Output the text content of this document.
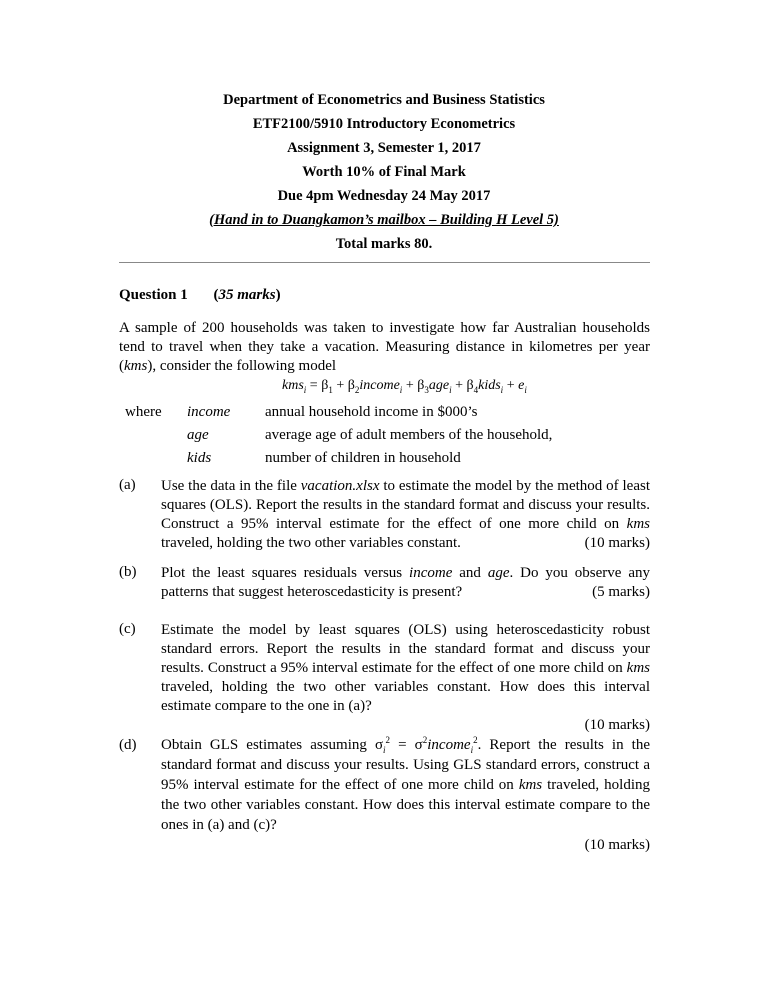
Department of Econometrics and Business Statistics
ETF2100/5910 Introductory Econometrics
Assignment 3, Semester 1, 2017
Worth 10% of Final Mark
Due 4pm Wednesday 24 May 2017
(Hand in to Duangkamon’s mailbox – Building H Level 5)
Total marks 80.
Question 1 (35 marks)
A sample of 200 households was taken to investigate how far Australian households tend to travel when they take a vacation. Measuring distance in kilometres per year (kms), consider the following model
$kms_i = \beta_1$ + $\beta_2income_i + \beta_3age_i$ + $\beta_4kids_i + e_i$
where income annual household income in $000’s
age	average age of adult members of the household,
kids	number of children in household
(a) Use the data in the file vacation.xlsx to estimate the model by the method of least squares (OLS). Report the results in the standard format and discuss your results. Construct a 95% interval estimate for the effect of one more child on kms traveled, holding the two other variables constant.	(10 marks)
(b) Plot the least squares residuals versus income and age. Do you observe any patterns that suggest heteroscedasticity is present?	(5 marks)
(c) Estimate the model by least squares (OLS) using heteroscedasticity robust standard errors. Report the results in the standard format and discuss your results. Construct a 95% interval estimate for the effect of one more child on kms traveled, holding the two other variables constant. How does this interval estimate compare to the one in (a)?
(10 marks)
(d) Obtain GLS estimates assuming $\sigma_i^2$ = $\sigma^2income_i^2$. Report the results in the standard format and discuss your results. Using GLS standard errors, construct a 95% interval estimate for the effect of one more child on kms traveled, holding the two other variables constant. How does this interval estimate compare to the ones in (a) and (c)?
(10 marks)
